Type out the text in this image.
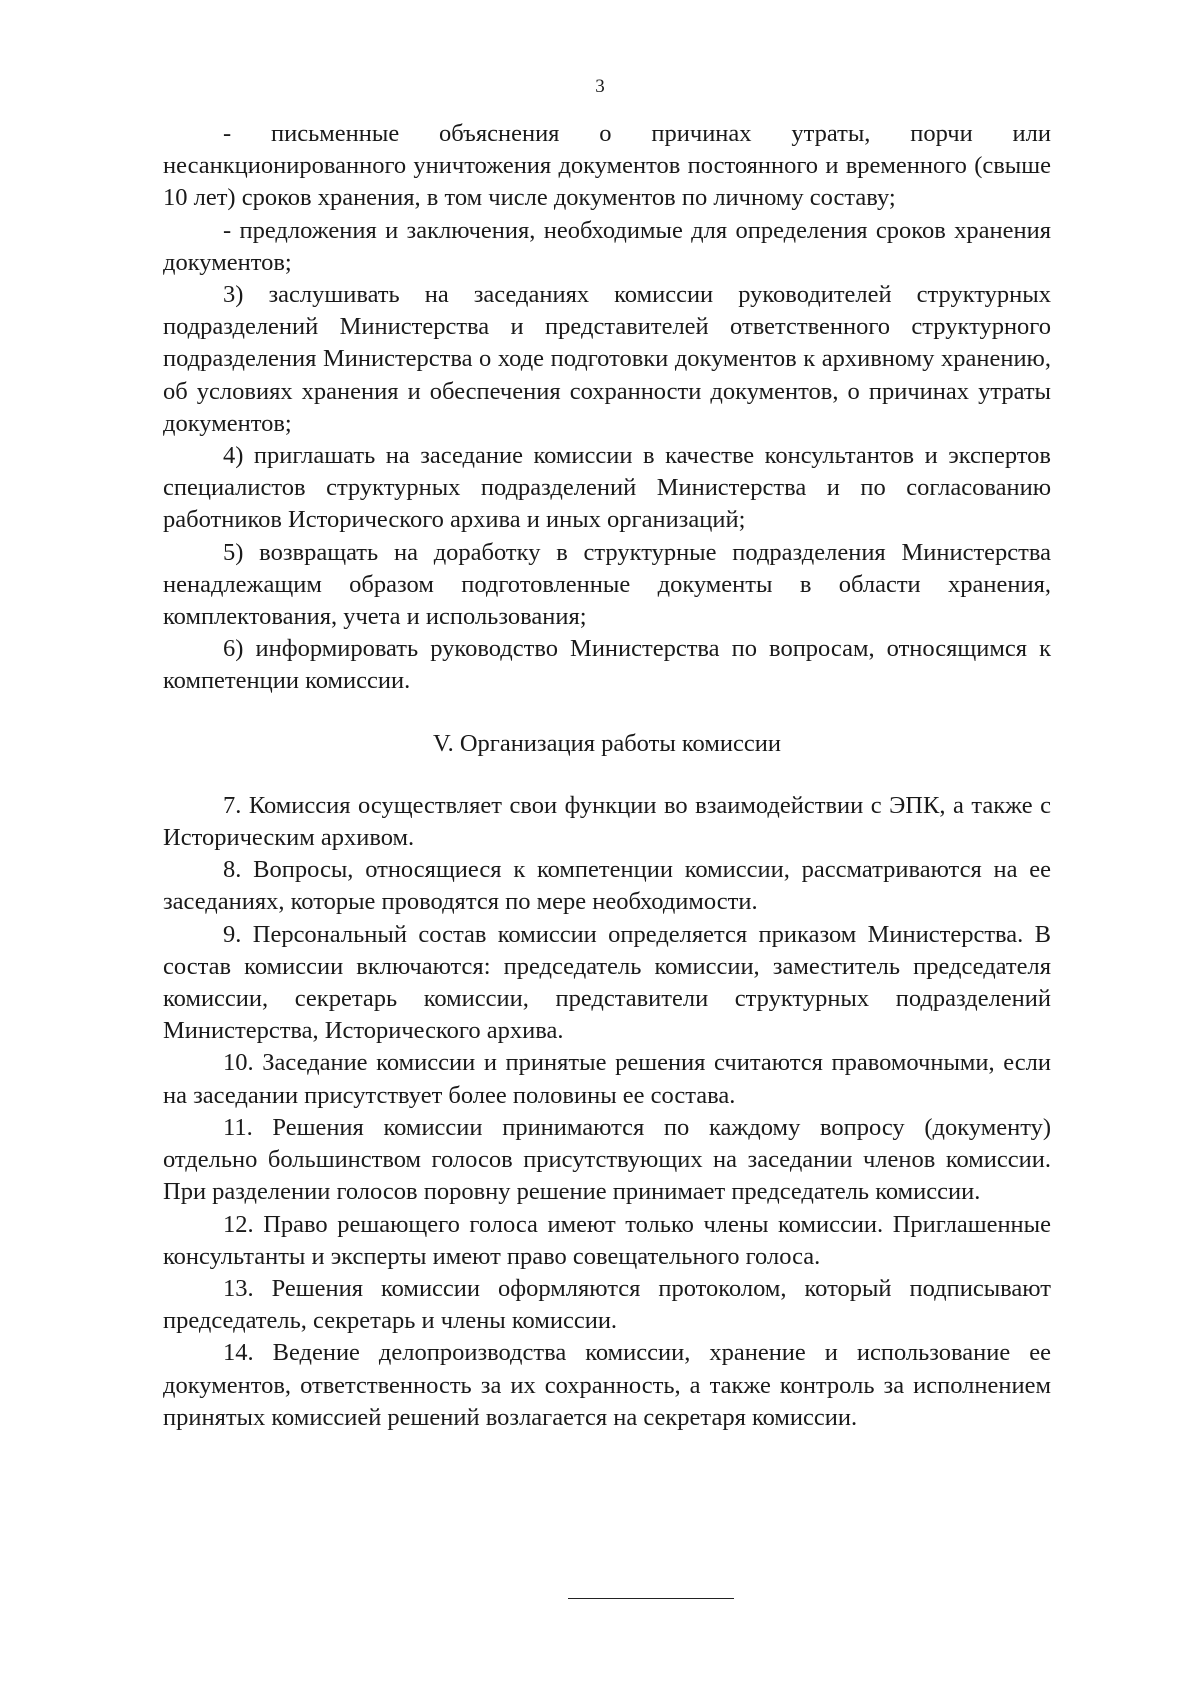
3

- письменные объяснения о причинах утраты, порчи или несанкционированного уничтожения документов постоянного и временного (свыше 10 лет) сроков хранения, в том числе документов по личному составу;

- предложения и заключения, необходимые для определения сроков хранения документов;

3) заслушивать на заседаниях комиссии руководителей структурных подразделений Министерства и представителей ответственного структурного подразделения Министерства о ходе подготовки документов к архивному хранению, об условиях хранения и обеспечения сохранности документов, о причинах утраты документов;

4) приглашать на заседание комиссии в качестве консультантов и экспертов специалистов структурных подразделений Министерства и по согласованию работников Исторического архива и иных организаций;

5) возвращать на доработку в структурные подразделения Министерства ненадлежащим образом подготовленные документы в области хранения, комплектования, учета и использования;

6) информировать руководство Министерства по вопросам, относящимся к компетенции комиссии.

V. Организация работы комиссии

7. Комиссия осуществляет свои функции во взаимодействии с ЭПК, а также с Историческим архивом.

8. Вопросы, относящиеся к компетенции комиссии, рассматриваются на ее заседаниях, которые проводятся по мере необходимости.

9. Персональный состав комиссии определяется приказом Министерства. В состав комиссии включаются: председатель комиссии, заместитель председателя комиссии, секретарь комиссии, представители структурных подразделений Министерства, Исторического архива.

10. Заседание комиссии и принятые решения считаются правомочными, если на заседании присутствует более половины ее состава.

11. Решения комиссии принимаются по каждому вопросу (документу) отдельно большинством голосов присутствующих на заседании членов комиссии. При разделении голосов поровну решение принимает председатель комиссии.

12. Право решающего голоса имеют только члены комиссии. Приглашенные консультанты и эксперты имеют право совещательного голоса.

13. Решения комиссии оформляются протоколом, который подписывают председатель, секретарь и члены комиссии.

14. Ведение делопроизводства комиссии, хранение и использование ее документов, ответственность за их сохранность, а также контроль за исполнением принятых комиссией решений возлагается на секретаря комиссии.
